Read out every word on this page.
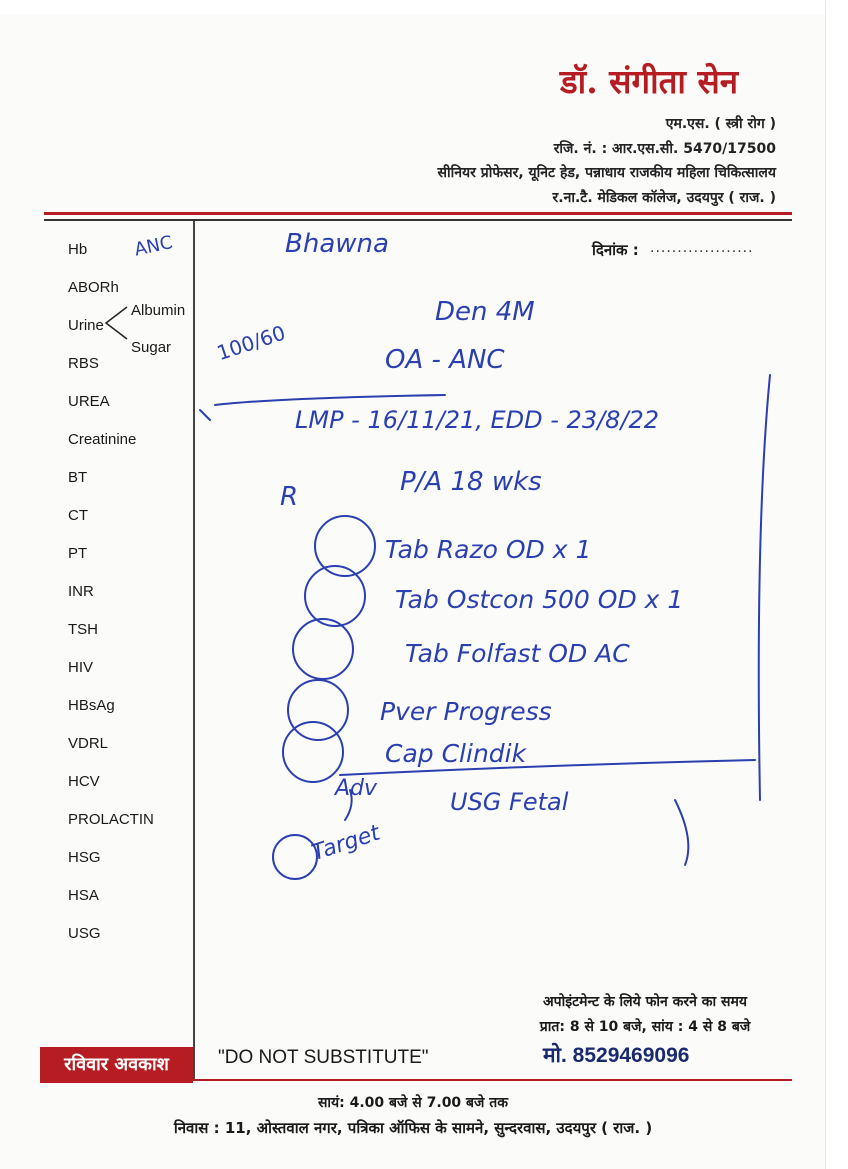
डॉ. संगीता सेन
एम.एस. ( स्त्री रोग )
रजि. नं. : आर.एस.सी. 5470/17500
सीनियर प्रोफेसर, यूनिट हेड, पन्नाधाय राजकीय महिला चिकित्सालय
र.ना.टै. मेडिकल कॉलेज, उदयपुर ( राज. )
Hb
ABORh
Urine
RBS
UREA
Creatinine
BT
CT
PT
INR
TSH
HIV
HBsAg
VDRL
HCV
PROLACTIN
HSG
HSA
USG
Albumin
Sugar
दिनांक : ...................
ANC
100/60
Bhawna
Den 4M
OA - ANC
LMP - 16/11/21, EDD - 23/8/22
P/A 18 wks
R
Tab Razo OD x 1
Tab Ostcon 500 OD x 1
Tab Folfast OD AC
Pver Progress
Cap Clindik
Adv
Target
USG Fetal
अपोइंटमेन्ट के लिये फोन करने का समय
प्रात: 8 से 10 बजे, सांय : 4 से 8 बजे
मो. 8529469096
रविवार अवकाश	"DO NOT SUBSTITUTE"
सायं: 4.00 बजे से 7.00 बजे तक
निवास : 11, ओस्तवाल नगर, पत्रिका ऑफिस के सामने, सुन्दरवास, उदयपुर ( राज. )
